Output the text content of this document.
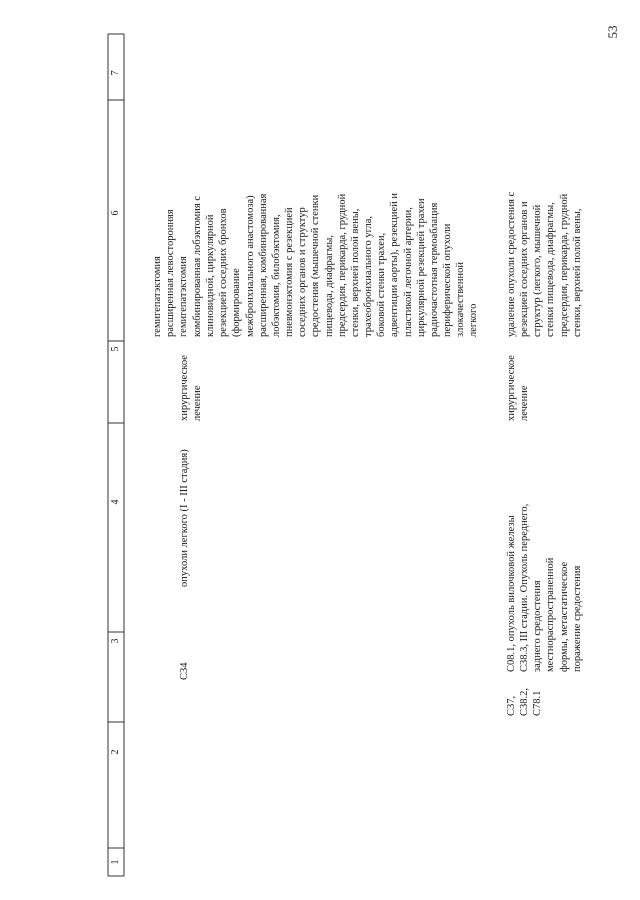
53
1
2
3
4
5
6
7
гемигепатэктомия расширенная левосторонняя гемигепатэктомия
C34
опухоли легкого (I - III стадия)
хирургическое лечение
комбинированная лобэктомия с клиновидной, циркулярной резекцией соседних бронхов (формирование межбронхиального анастомоза) расширенная, комбинированная лобэктомия, билобэктомия, пневмонэктомия с резекцией соседних органов и структур средостения (мышечной стенки пищевода, диафрагмы, предсердия, перикарда, грудной стенки, верхней полой вены, трахеобронхиального угла, боковой стенки трахеи, адвентиции аорты), резекцией и пластикой легочной артерии, циркулярной резекцией трахеи радиочастотная термоаблация периферической опухоли злокачественной легкого
C37, C38.2, C78.1
C08.1, опухоль вилочковой железы C38.3, III стадии. Опухоль переднего, заднего средостения местнораспространенной формы, метастатическое поражение средостения
хирургическое лечение
удаление опухоли средостения с резекцией соседних органов и структур (легкого, мышечной стенки пищевода, диафрагмы, предсердия, перикарда, грудной стенки, верхней полой вены,
